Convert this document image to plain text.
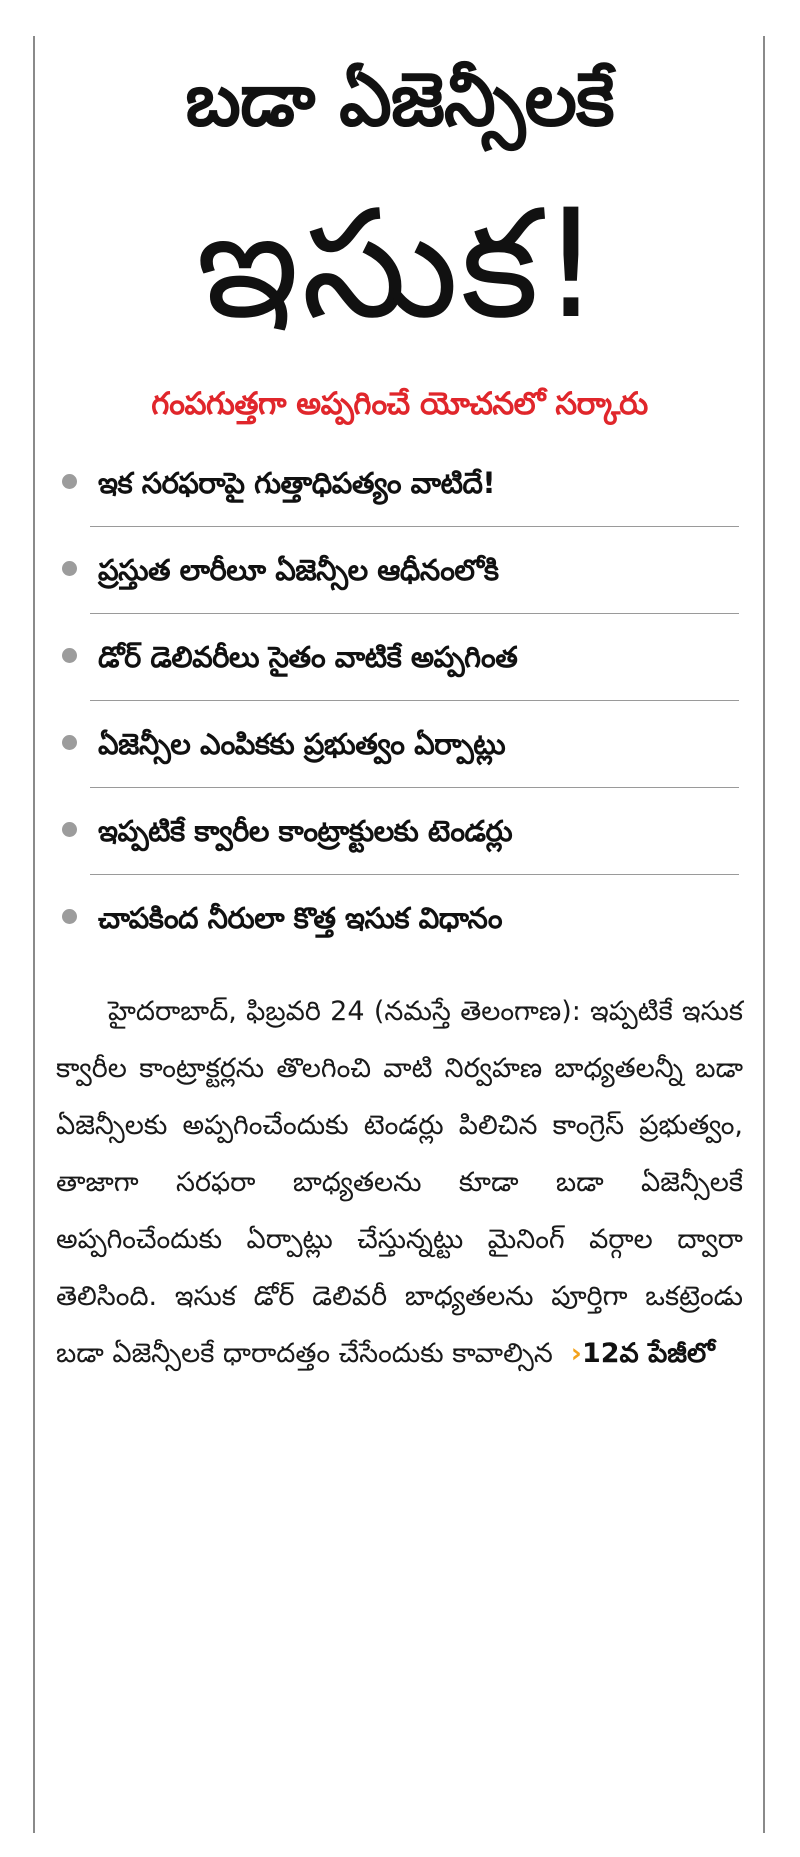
బడా ఏజెన్సీలకే
ఇసుక!
గంపగుత్తగా అప్పగించే యోచనలో సర్కారు
ఇక సరఫరాపై గుత్తాధిపత్యం వాటిదే!
ప్రస్తుత లారీలూ ఏజెన్సీల ఆధీనంలోకి
డోర్‌ డెలివరీలు సైతం వాటికే అప్పగింత
ఏజెన్సీల ఎంపికకు ప్రభుత్వం ఏర్పాట్లు
ఇప్పటికే క్వారీల కాంట్రాక్టులకు టెండర్లు
చాపకింద నీరులా కొత్త ఇసుక విధానం

హైదరాబాద్‌, ఫిబ్రవరి 24 (నమస్తే తెలంగాణ): ఇప్పటికే ఇసుక క్వారీల కాంట్రాక్టర్లను తొలగించి వాటి నిర్వహణ బాధ్యతలన్నీ బడా ఏజెన్సీలకు అప్పగించేందుకు టెండర్లు పిలిచిన కాంగ్రెస్‌ ప్రభుత్వం, తాజాగా సరఫరా బాధ్యతలను కూడా బడా ఏజెన్సీలకే అప్పగించేందుకు ఏర్పాట్లు చేస్తున్నట్టు మైనింగ్‌ వర్గాల ద్వారా తెలిసింది. ఇసుక డోర్‌ డెలివరీ బాధ్యతలను పూర్తిగా ఒకట్రెండు బడా ఏజెన్సీలకే ధారాదత్తం చేసేందుకు కావాల్సిన ›12వ పేజీలో
